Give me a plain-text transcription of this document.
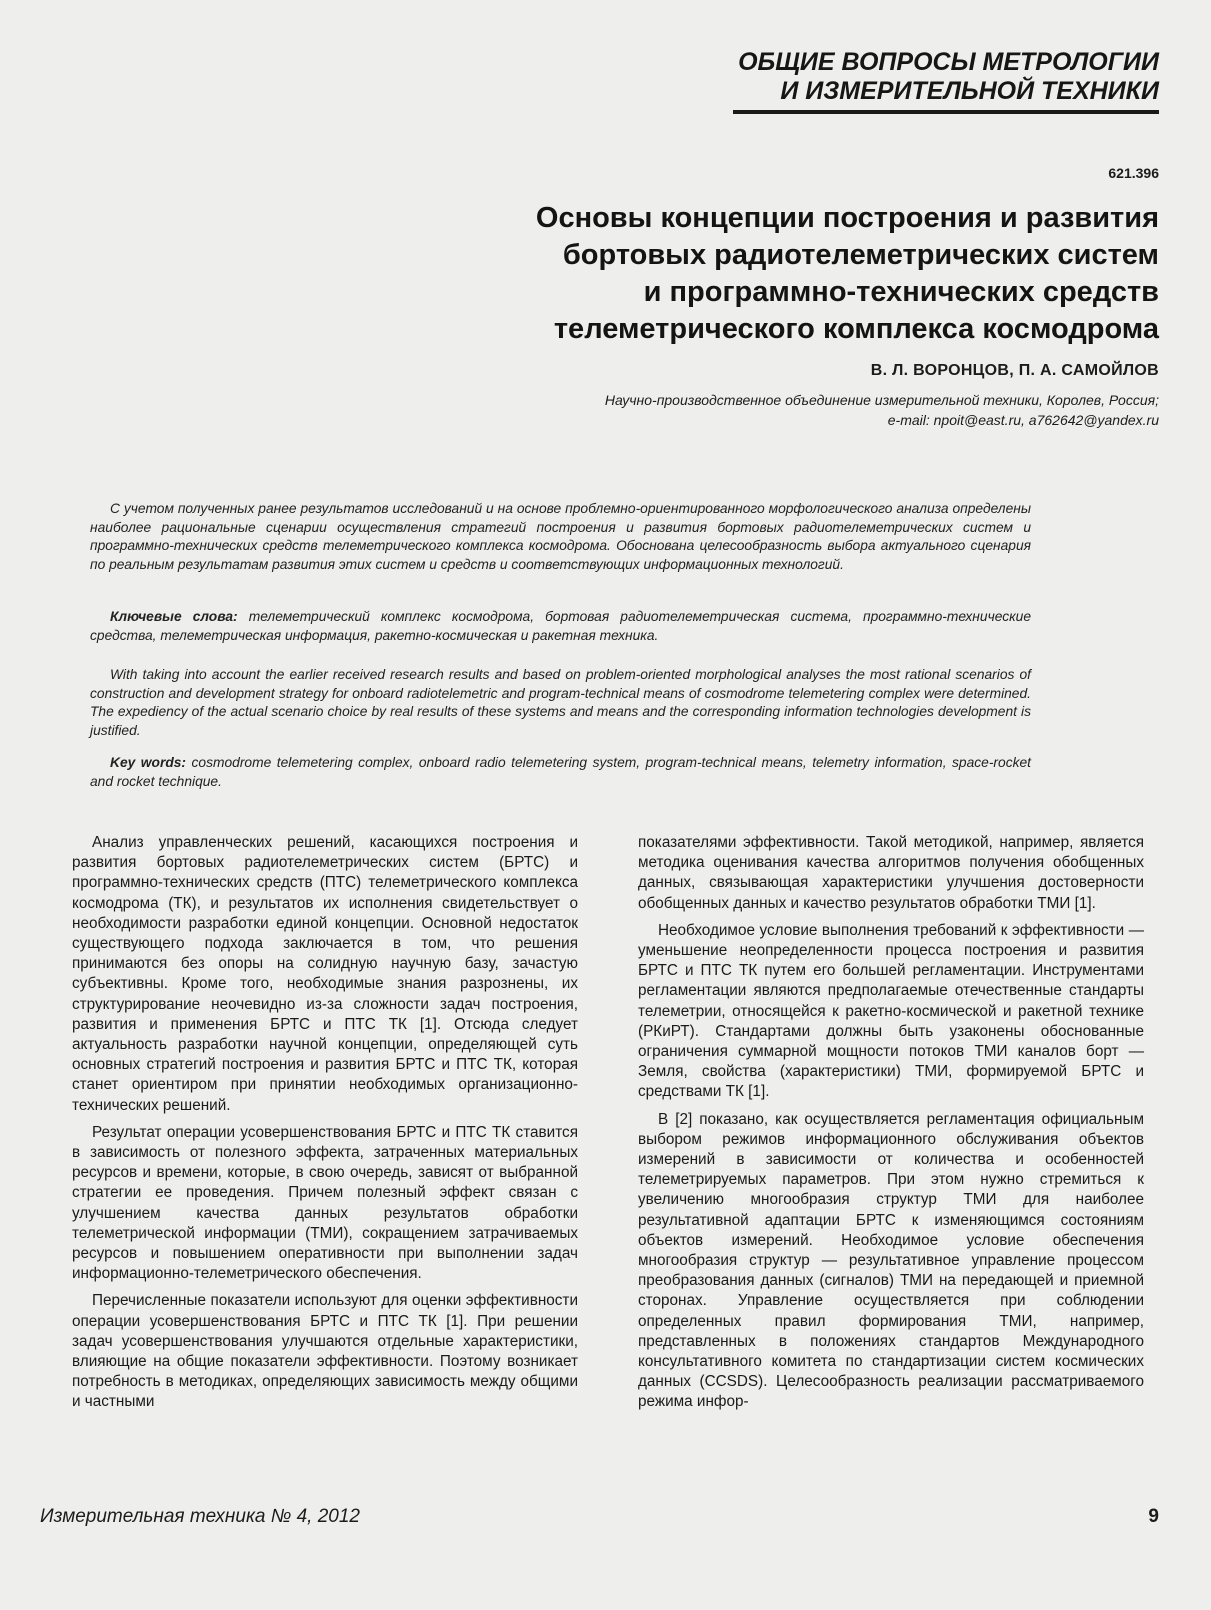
ОБЩИЕ ВОПРОСЫ МЕТРОЛОГИИ
И ИЗМЕРИТЕЛЬНОЙ ТЕХНИКИ
621.396
Основы концепции построения и развития
бортовых радиотелеметрических систем
и программно-технических средств
телеметрического комплекса космодрома
В. Л. ВОРОНЦОВ, П. А. САМОЙЛОВ
Научно-производственное объединение измерительной техники, Королев, Россия;
e-mail: npoit@east.ru, a762642@yandex.ru
С учетом полученных ранее результатов исследований и на основе проблемно-ориентированного морфологического анализа определены наиболее рациональные сценарии осуществления стратегий построения и развития бортовых радиотелеметрических систем и программно-технических средств телеметрического комплекса космодрома. Обоснована целесообразность выбора актуального сценария по реальным результатам развития этих систем и средств и соответствующих информационных технологий.
Ключевые слова: телеметрический комплекс космодрома, бортовая радиотелеметрическая система, программно-технические средства, телеметрическая информация, ракетно-космическая и ракетная техника.
With taking into account the earlier received research results and based on problem-oriented morphological analyses the most rational scenarios of construction and development strategy for onboard radiotelemetric and program-technical means of cosmodrome telemetering complex were determined. The expediency of the actual scenario choice by real results of these systems and means and the corresponding information technologies development is justified.
Key words: cosmodrome telemetering complex, onboard radio telemetering system, program-technical means, telemetry information, space-rocket and rocket technique.

Анализ управленческих решений, касающихся построения и развития бортовых радиотелеметрических систем (БРТС) и программно-технических средств (ПТС) телеметрического комплекса космодрома (ТК), и результатов их исполнения свидетельствует о необходимости разработки единой концепции. Основной недостаток существующего подхода заключается в том, что решения принимаются без опоры на солидную научную базу, зачастую субъективны. Кроме того, необходимые знания разрознены, их структурирование неочевидно из-за сложности задач построения, развития и применения БРТС и ПТС ТК [1]. Отсюда следует актуальность разработки научной концепции, определяющей суть основных стратегий построения и развития БРТС и ПТС ТК, которая станет ориентиром при принятии необходимых организационно-технических решений.

Результат операции усовершенствования БРТС и ПТС ТК ставится в зависимость от полезного эффекта, затраченных материальных ресурсов и времени, которые, в свою очередь, зависят от выбранной стратегии ее проведения. Причем полезный эффект связан с улучшением качества данных результатов обработки телеметрической информации (ТМИ), сокращением затрачиваемых ресурсов и повышением оперативности при выполнении задач информационно-телеметрического обеспечения.

Перечисленные показатели используют для оценки эффективности операции усовершенствования БРТС и ПТС ТК [1]. При решении задач усовершенствования улучшаются отдельные характеристики, влияющие на общие показатели эффективности. Поэтому возникает потребность в методиках, определяющих зависимость между общими и частными

показателями эффективности. Такой методикой, например, является методика оценивания качества алгоритмов получения обобщенных данных, связывающая характеристики улучшения достоверности обобщенных данных и качество результатов обработки ТМИ [1].

Необходимое условие выполнения требований к эффективности — уменьшение неопределенности процесса построения и развития БРТС и ПТС ТК путем его большей регламентации. Инструментами регламентации являются предполагаемые отечественные стандарты телеметрии, относящейся к ракетно-космической и ракетной технике (РКиРТ). Стандартами должны быть узаконены обоснованные ограничения суммарной мощности потоков ТМИ каналов борт — Земля, свойства (характеристики) ТМИ, формируемой БРТС и средствами ТК [1].

В [2] показано, как осуществляется регламентация официальным выбором режимов информационного обслуживания объектов измерений в зависимости от количества и особенностей телеметрируемых параметров. При этом нужно стремиться к увеличению многообразия структур ТМИ для наиболее результативной адаптации БРТС к изменяющимся состояниям объектов измерений. Необходимое условие обеспечения многообразия структур — результативное управление процессом преобразования данных (сигналов) ТМИ на передающей и приемной сторонах. Управление осуществляется при соблюдении определенных правил формирования ТМИ, например, представленных в положениях стандартов Международного консультативного комитета по стандартизации систем космических данных (CCSDS). Целесообразность реализации рассматриваемого режима инфор-

Измерительная техника № 4, 2012	9
